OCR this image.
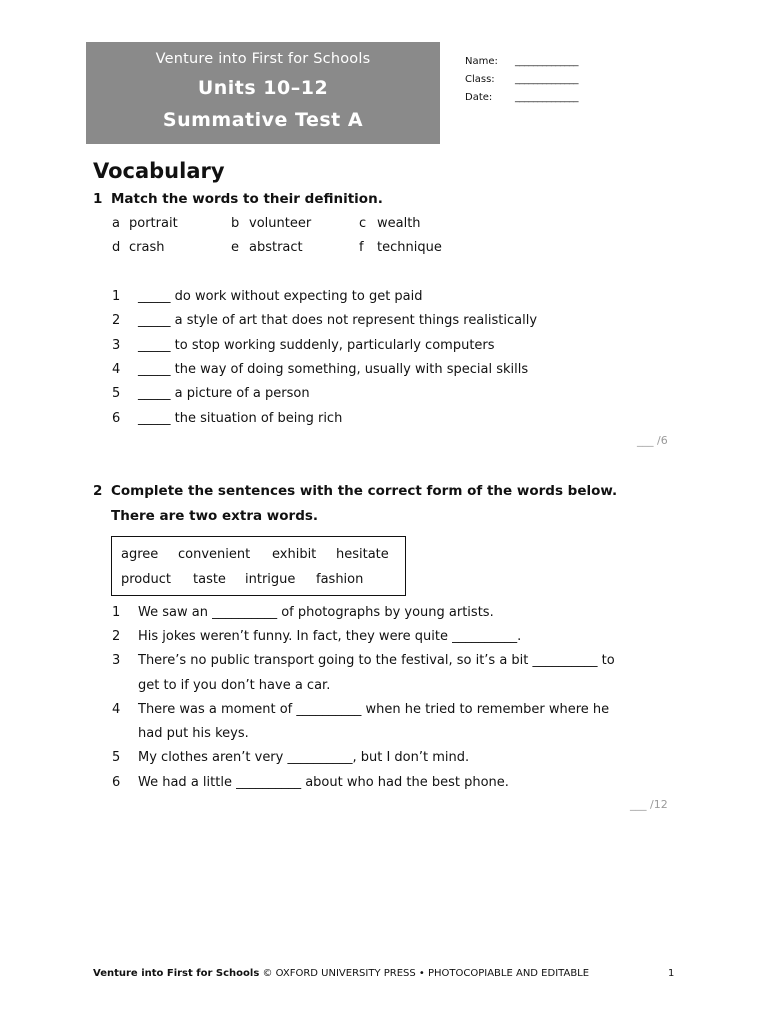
Venture into First for Schools
Units 10–12
Summative Test A
Name: ______________
Class: ______________
Date: ______________
Vocabulary
1 Match the words to their definition.
a portrait	b volunteer	c wealth
d crash	e abstract	f technique
1 _____ do work without expecting to get paid
2 _____ a style of art that does not represent things realistically
3 _____ to stop working suddenly, particularly computers
4 _____ the way of doing something, usually with special skills
5 _____ a picture of a person
6 _____ the situation of being rich
___ /6
2 Complete the sentences with the correct form of the words below.
There are two extra words.
agree convenient exhibit hesitate
product taste intrigue fashion
1 We saw an __________ of photographs by young artists.
2 His jokes weren’t funny. In fact, they were quite __________.
3 There’s no public transport going to the festival, so it’s a bit __________ to
get to if you don’t have a car.
4 There was a moment of __________ when he tried to remember where he
had put his keys.
5 My clothes aren’t very __________, but I don’t mind.
6 We had a little __________ about who had the best phone.
___ /12
Venture into First for Schools © OXFORD UNIVERSITY PRESS • PHOTOCOPIABLE AND EDITABLE	1
